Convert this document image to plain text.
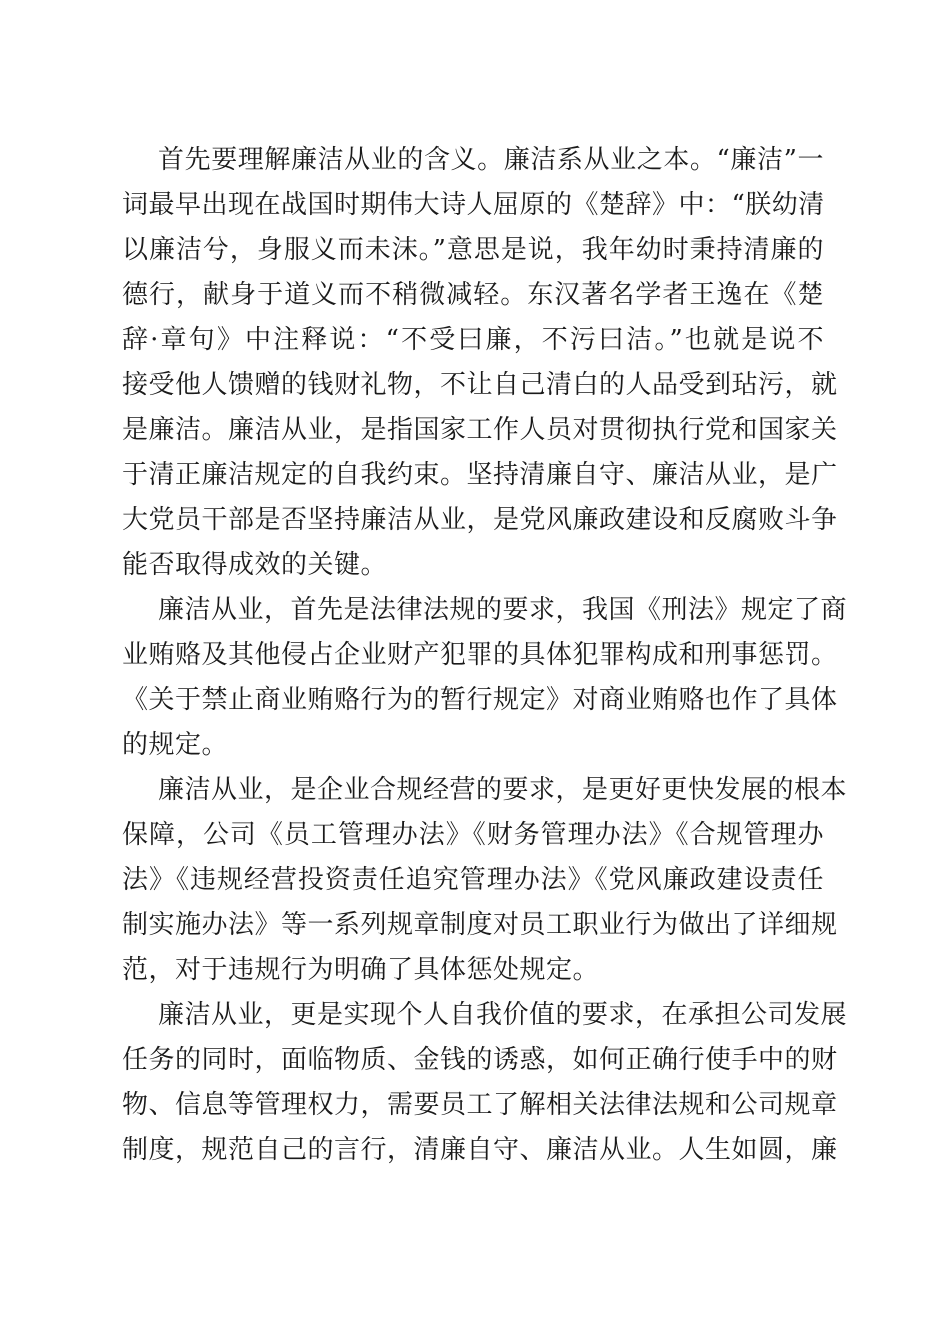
首先要理解廉洁从业的含义。廉洁系从业之本。“廉洁”一
词最早出现在战国时期伟大诗人屈原的《楚辞》中：“朕幼清
以廉洁兮，身服义而未沫。”意思是说，我年幼时秉持清廉的
德行，献身于道义而不稍微减轻。东汉著名学者王逸在《楚
辞·章句》中注释说：“不受曰廉，不污曰洁。”也就是说不
接受他人馈赠的钱财礼物，不让自己清白的人品受到玷污，就
是廉洁。廉洁从业，是指国家工作人员对贯彻执行党和国家关
于清正廉洁规定的自我约束。坚持清廉自守、廉洁从业，是广
大党员干部是否坚持廉洁从业，是党风廉政建设和反腐败斗争
能否取得成效的关键。

廉洁从业，首先是法律法规的要求，我国《刑法》规定了商
业贿赂及其他侵占企业财产犯罪的具体犯罪构成和刑事惩罚。
《关于禁止商业贿赂行为的暂行规定》对商业贿赂也作了具体
的规定。

廉洁从业，是企业合规经营的要求，是更好更快发展的根本
保障，公司《员工管理办法》《财务管理办法》《合规管理办
法》《违规经营投资责任追究管理办法》《党风廉政建设责任
制实施办法》等一系列规章制度对员工职业行为做出了详细规
范，对于违规行为明确了具体惩处规定。

廉洁从业，更是实现个人自我价值的要求，在承担公司发展
任务的同时，面临物质、金钱的诱惑，如何正确行使手中的财
物、信息等管理权力，需要员工了解相关法律法规和公司规章
制度，规范自己的言行，清廉自守、廉洁从业。人生如圆，廉
